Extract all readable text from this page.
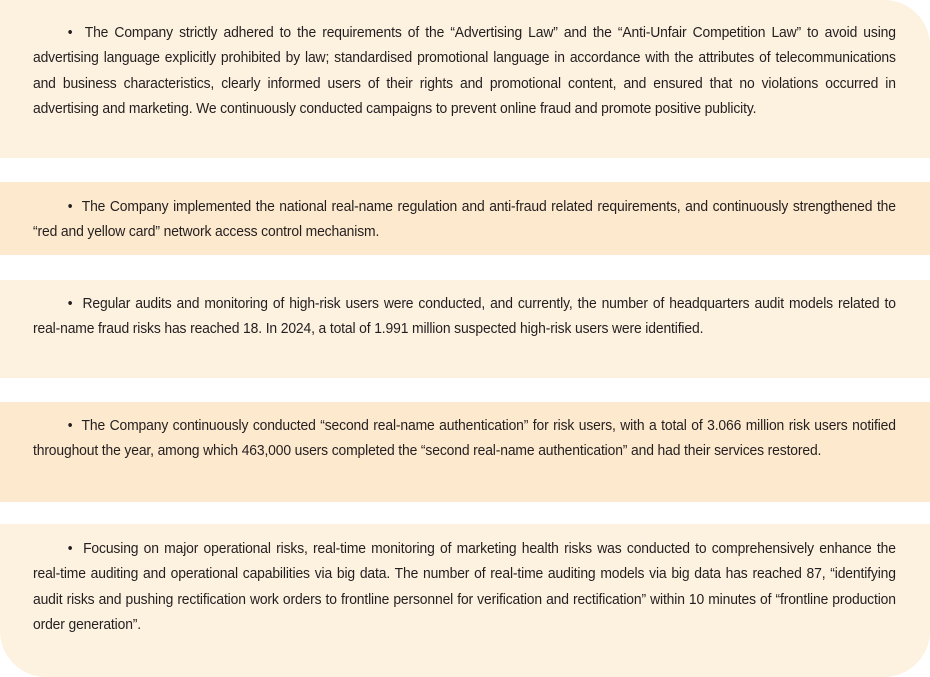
• The Company strictly adhered to the requirements of the “Advertising Law” and the “Anti-Unfair Competition Law” to avoid using advertising language explicitly prohibited by law; standardised promotional language in accordance with the attributes of telecommunications and business characteristics, clearly informed users of their rights and promotional content, and ensured that no violations occurred in advertising and marketing. We continuously conducted campaigns to prevent online fraud and promote positive publicity.

• The Company implemented the national real-name regulation and anti-fraud related requirements, and continuously strengthened the “red and yellow card” network access control mechanism.

• Regular audits and monitoring of high-risk users were conducted, and currently, the number of headquarters audit models related to real-name fraud risks has reached 18. In 2024, a total of 1.991 million suspected high-risk users were identified.

• The Company continuously conducted “second real-name authentication” for risk users, with a total of 3.066 million risk users notified throughout the year, among which 463,000 users completed the “second real-name authentication” and had their services restored.

• Focusing on major operational risks, real-time monitoring of marketing health risks was conducted to comprehensively enhance the real-time auditing and operational capabilities via big data. The number of real-time auditing models via big data has reached 87, “identifying audit risks and pushing rectification work orders to frontline personnel for verification and rectification” within 10 minutes of “frontline production order generation”.
